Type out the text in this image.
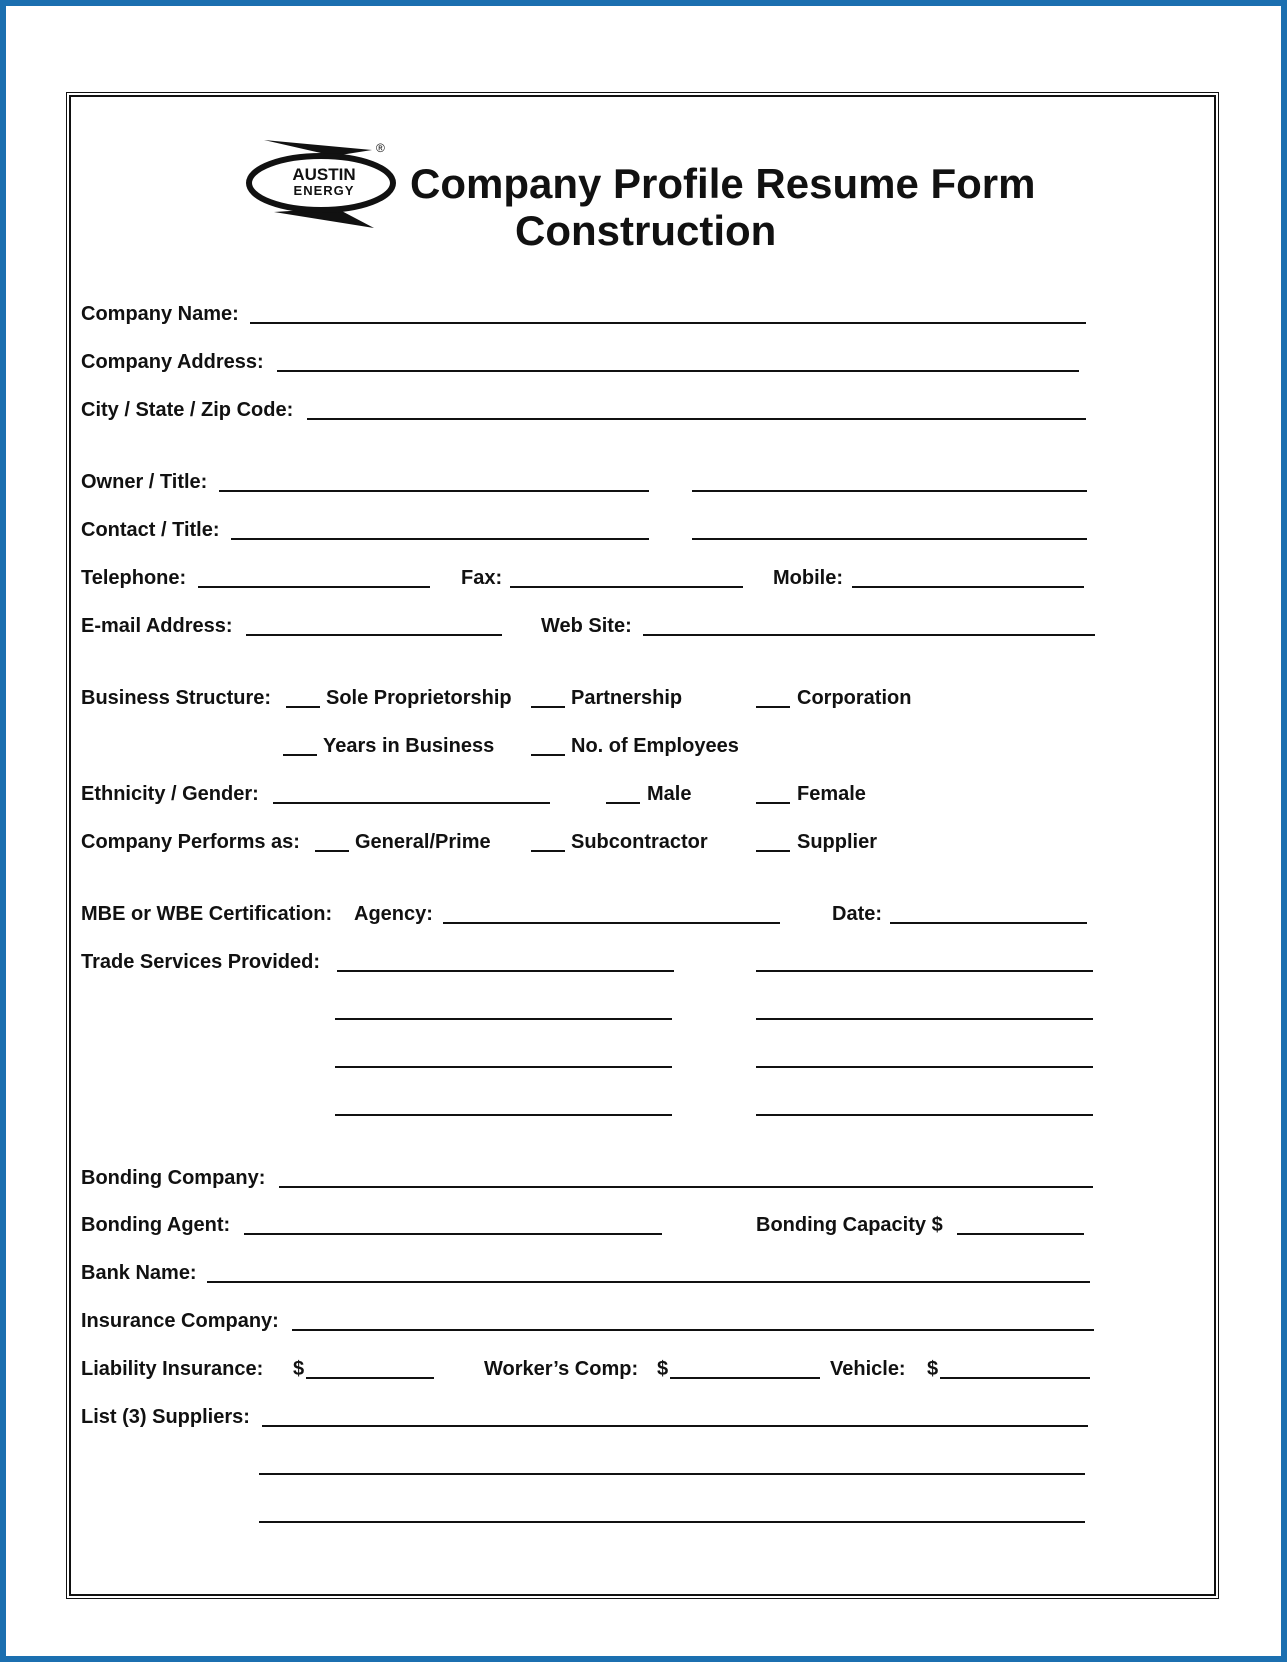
AUSTIN
ENERGY
®
Company Profile Resume Form
Construction
Company Name:
Company Address:
City / State / Zip Code:
Owner / Title:
Contact / Title:
Telephone:	Fax:	Mobile:
E-mail Address:	Web Site:
Business Structure:	Sole Proprietorship	Partnership	Corporation
Years in Business	No. of Employees
Ethnicity / Gender:	Male	Female
Company Performs as:	General/Prime	Subcontractor	Supplier
MBE or WBE Certification: Agency:	Date:
Trade Services Provided:
Bonding Company:
Bonding Agent:	Bonding Capacity $
Bank Name:
Insurance Company:
Liability Insurance: $	Worker’s Comp: $	Vehicle: $
List (3) Suppliers:
